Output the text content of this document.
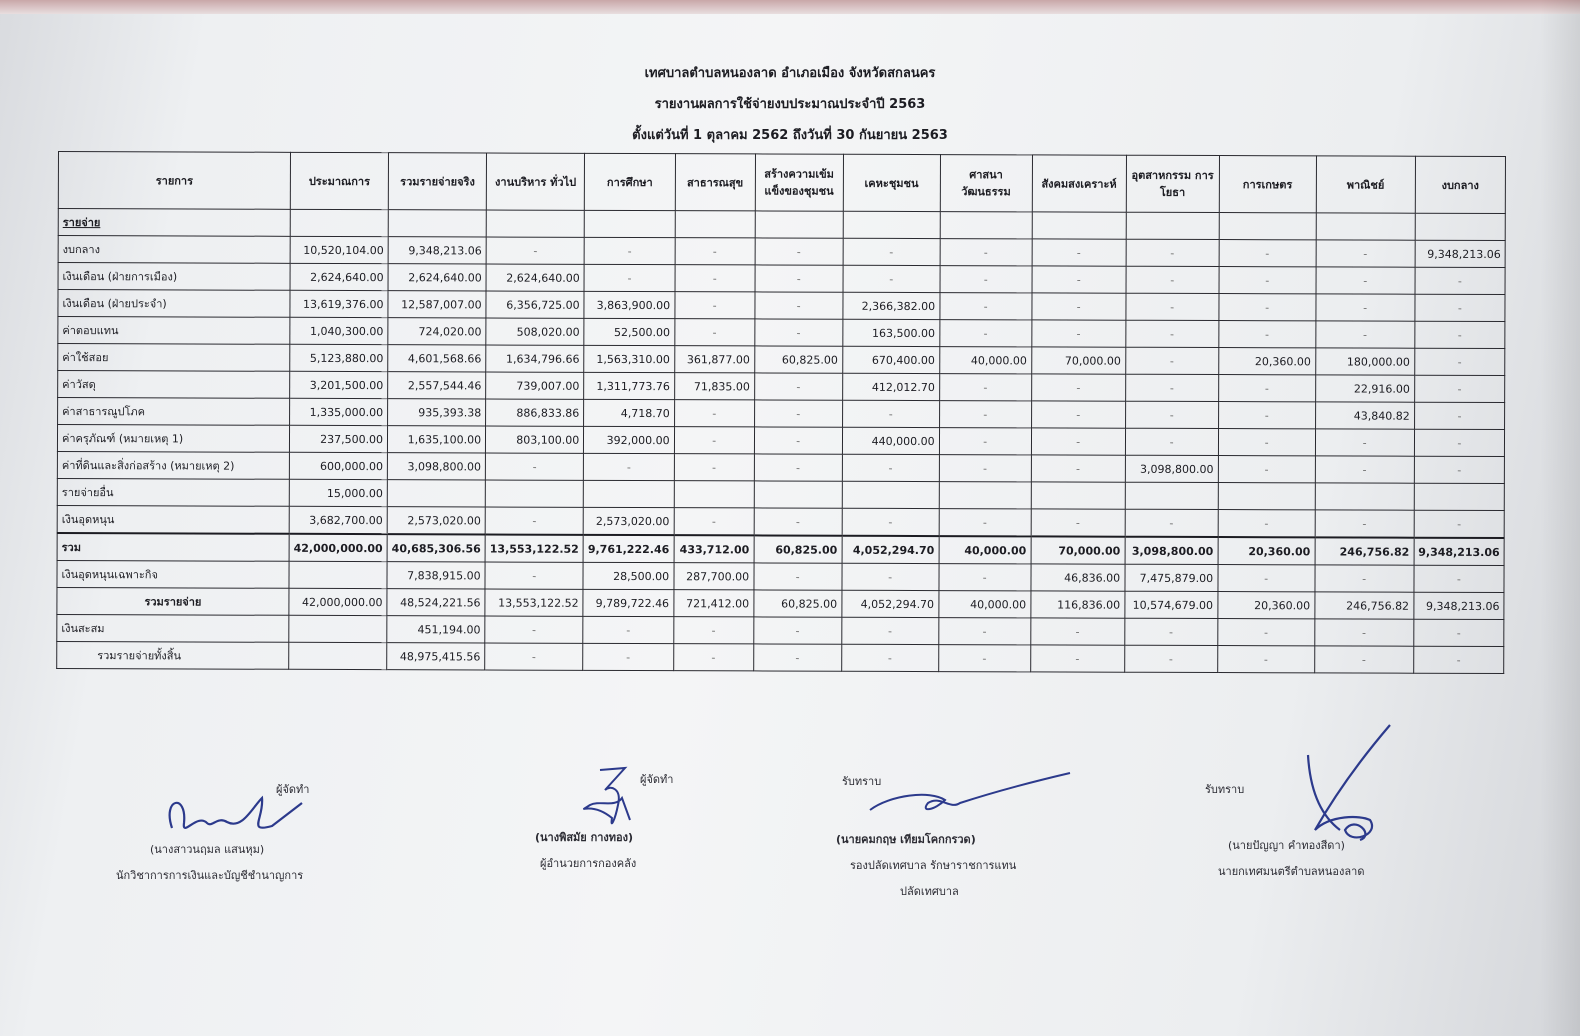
เทศบาลตำบลหนองลาด อำเภอเมือง จังหวัดสกลนคร
รายงานผลการใช้จ่ายงบประมาณประจำปี 2563
ตั้งแต่วันที่ 1 ตุลาคม 2562 ถึงวันที่ 30 กันยายน 2563
รายการ	ประมาณการ	รวมรายจ่ายจริง	งานบริหาร ทั่วไป	การศึกษา	สาธารณสุข	สร้างความเข้ม แข็งของชุมชน	เคหะชุมชน	ศาสนา วัฒนธรรม	สังคมสงเคราะห์	อุตสาหกรรม การโยธา	การเกษตร	พาณิชย์	งบกลาง
รายจ่าย													
งบกลาง	10,520,104.00	9,348,213.06	-	-	-	-	-	-	-	-	-	-	9,348,213.06
เงินเดือน (ฝ่ายการเมือง)	2,624,640.00	2,624,640.00	2,624,640.00	-	-	-	-	-	-	-	-	-	-
เงินเดือน (ฝ่ายประจำ)	13,619,376.00	12,587,007.00	6,356,725.00	3,863,900.00	-	-	2,366,382.00	-	-	-	-	-	-
ค่าตอบแทน	1,040,300.00	724,020.00	508,020.00	52,500.00	-	-	163,500.00	-	-	-	-	-	-
ค่าใช้สอย	5,123,880.00	4,601,568.66	1,634,796.66	1,563,310.00	361,877.00	60,825.00	670,400.00	40,000.00	70,000.00	-	20,360.00	180,000.00	-
ค่าวัสดุ	3,201,500.00	2,557,544.46	739,007.00	1,311,773.76	71,835.00	-	412,012.70	-	-	-	-	22,916.00	-
ค่าสาธารณูปโภค	1,335,000.00	935,393.38	886,833.86	4,718.70	-	-	-	-	-	-	-	43,840.82	-
ค่าครุภัณฑ์ (หมายเหตุ 1)	237,500.00	1,635,100.00	803,100.00	392,000.00	-	-	440,000.00	-	-	-	-	-	-
ค่าที่ดินและสิ่งก่อสร้าง (หมายเหตุ 2)	600,000.00	3,098,800.00	-	-	-	-	-	-	-	3,098,800.00	-	-	-
รายจ่ายอื่น	15,000.00												
เงินอุดหนุน	3,682,700.00	2,573,020.00	-	2,573,020.00	-	-	-	-	-	-	-	-	-
รวม	42,000,000.00	40,685,306.56	13,553,122.52	9,761,222.46	433,712.00	60,825.00	4,052,294.70	40,000.00	70,000.00	3,098,800.00	20,360.00	246,756.82	9,348,213.06
เงินอุดหนุนเฉพาะกิจ		7,838,915.00	-	28,500.00	287,700.00	-	-	-	46,836.00	7,475,879.00	-	-	-
รวมรายจ่าย	42,000,000.00	48,524,221.56	13,553,122.52	9,789,722.46	721,412.00	60,825.00	4,052,294.70	40,000.00	116,836.00	10,574,679.00	20,360.00	246,756.82	9,348,213.06
เงินสะสม		451,194.00	-	-	-	-	-	-	-	-	-	-	-
รวมรายจ่ายทั้งสิ้น		48,975,415.56	-	-	-	-	-	-	-	-	-	-	-
ผู้จัดทำ
(นางสาวนฤมล แสนหุม)
นักวิชาการการเงินและบัญชีชำนาญการ
ผู้จัดทำ
(นางพิสมัย กางทอง)
ผู้อำนวยการกองคลัง
รับทราบ
(นายคมกฤษ เทียมโคกกรวด)
รองปลัดเทศบาล รักษาราชการแทน
ปลัดเทศบาล
รับทราบ
(นายปัญญา คำทองสีดา)
นายกเทศมนตรีตำบลหนองลาด
